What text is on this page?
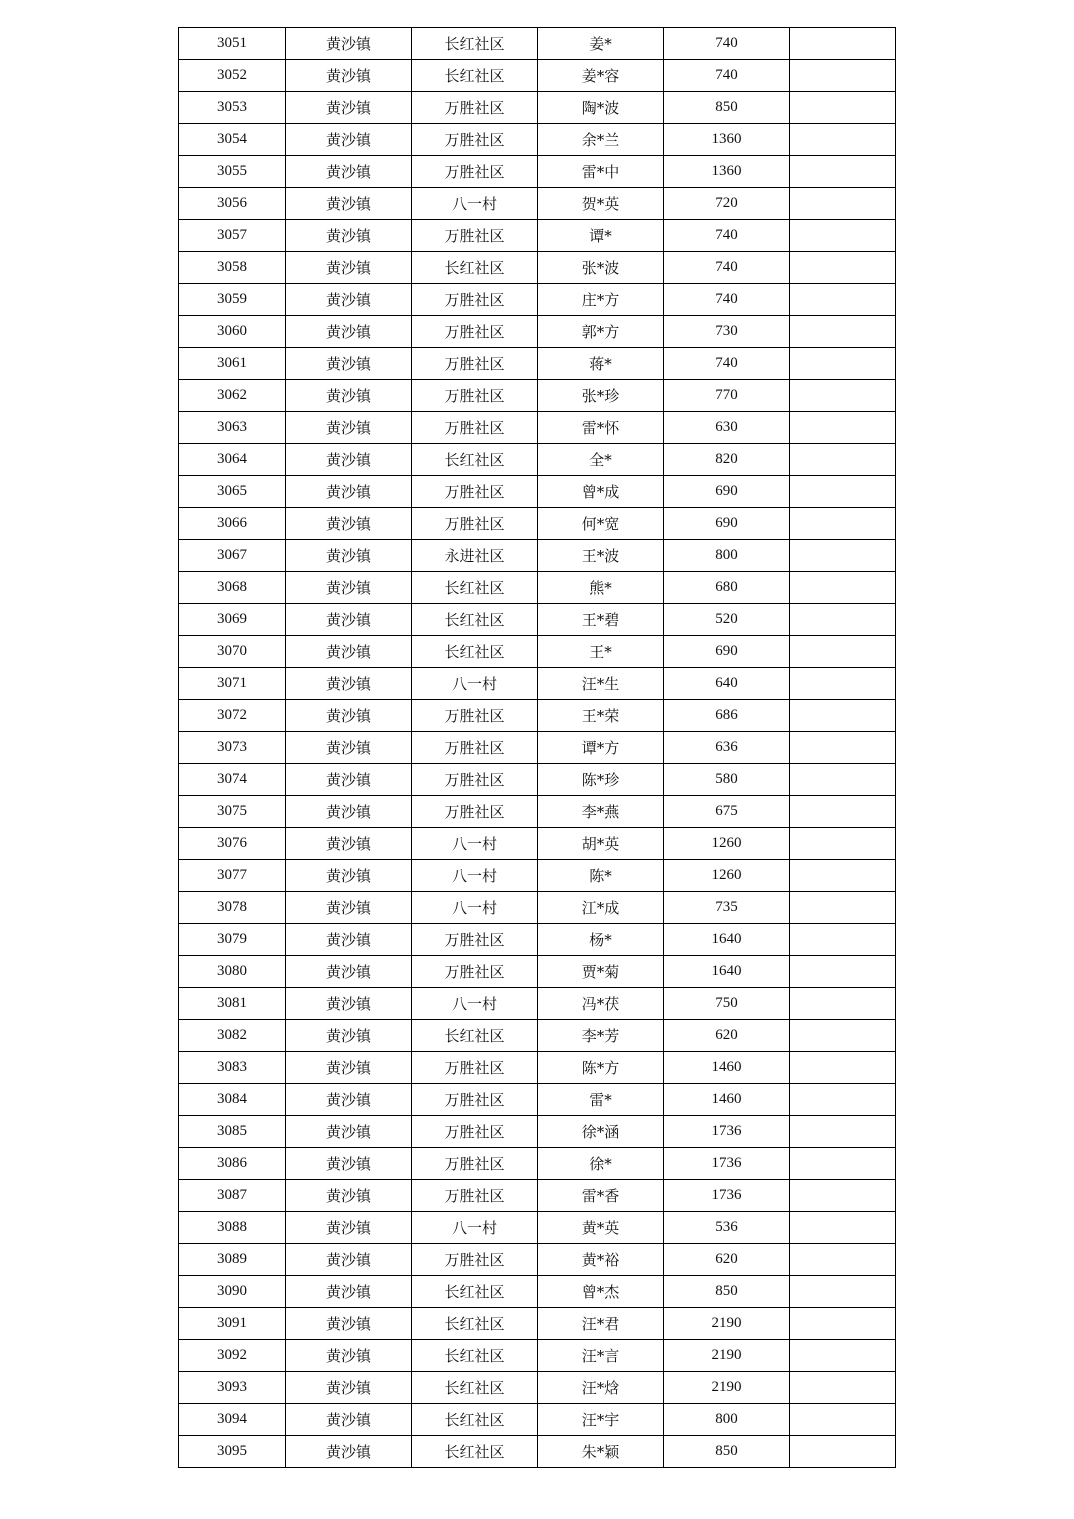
3051	黄沙镇	长红社区	姜*	740	
3052	黄沙镇	长红社区	姜*容	740	
3053	黄沙镇	万胜社区	陶*波	850	
3054	黄沙镇	万胜社区	余*兰	1360	
3055	黄沙镇	万胜社区	雷*中	1360	
3056	黄沙镇	八一村	贺*英	720	
3057	黄沙镇	万胜社区	谭*	740	
3058	黄沙镇	长红社区	张*波	740	
3059	黄沙镇	万胜社区	庄*方	740	
3060	黄沙镇	万胜社区	郭*方	730	
3061	黄沙镇	万胜社区	蒋*	740	
3062	黄沙镇	万胜社区	张*珍	770	
3063	黄沙镇	万胜社区	雷*怀	630	
3064	黄沙镇	长红社区	全*	820	
3065	黄沙镇	万胜社区	曾*成	690	
3066	黄沙镇	万胜社区	何*宽	690	
3067	黄沙镇	永进社区	王*波	800	
3068	黄沙镇	长红社区	熊*	680	
3069	黄沙镇	长红社区	王*碧	520	
3070	黄沙镇	长红社区	王*	690	
3071	黄沙镇	八一村	汪*生	640	
3072	黄沙镇	万胜社区	王*荣	686	
3073	黄沙镇	万胜社区	谭*方	636	
3074	黄沙镇	万胜社区	陈*珍	580	
3075	黄沙镇	万胜社区	李*燕	675	
3076	黄沙镇	八一村	胡*英	1260	
3077	黄沙镇	八一村	陈*	1260	
3078	黄沙镇	八一村	江*成	735	
3079	黄沙镇	万胜社区	杨*	1640	
3080	黄沙镇	万胜社区	贾*菊	1640	
3081	黄沙镇	八一村	冯*茯	750	
3082	黄沙镇	长红社区	李*芳	620	
3083	黄沙镇	万胜社区	陈*方	1460	
3084	黄沙镇	万胜社区	雷*	1460	
3085	黄沙镇	万胜社区	徐*涵	1736	
3086	黄沙镇	万胜社区	徐*	1736	
3087	黄沙镇	万胜社区	雷*香	1736	
3088	黄沙镇	八一村	黄*英	536	
3089	黄沙镇	万胜社区	黄*裕	620	
3090	黄沙镇	长红社区	曾*杰	850	
3091	黄沙镇	长红社区	汪*君	2190	
3092	黄沙镇	长红社区	汪*言	2190	
3093	黄沙镇	长红社区	汪*焓	2190	
3094	黄沙镇	长红社区	汪*宇	800	
3095	黄沙镇	长红社区	朱*颖	850	
